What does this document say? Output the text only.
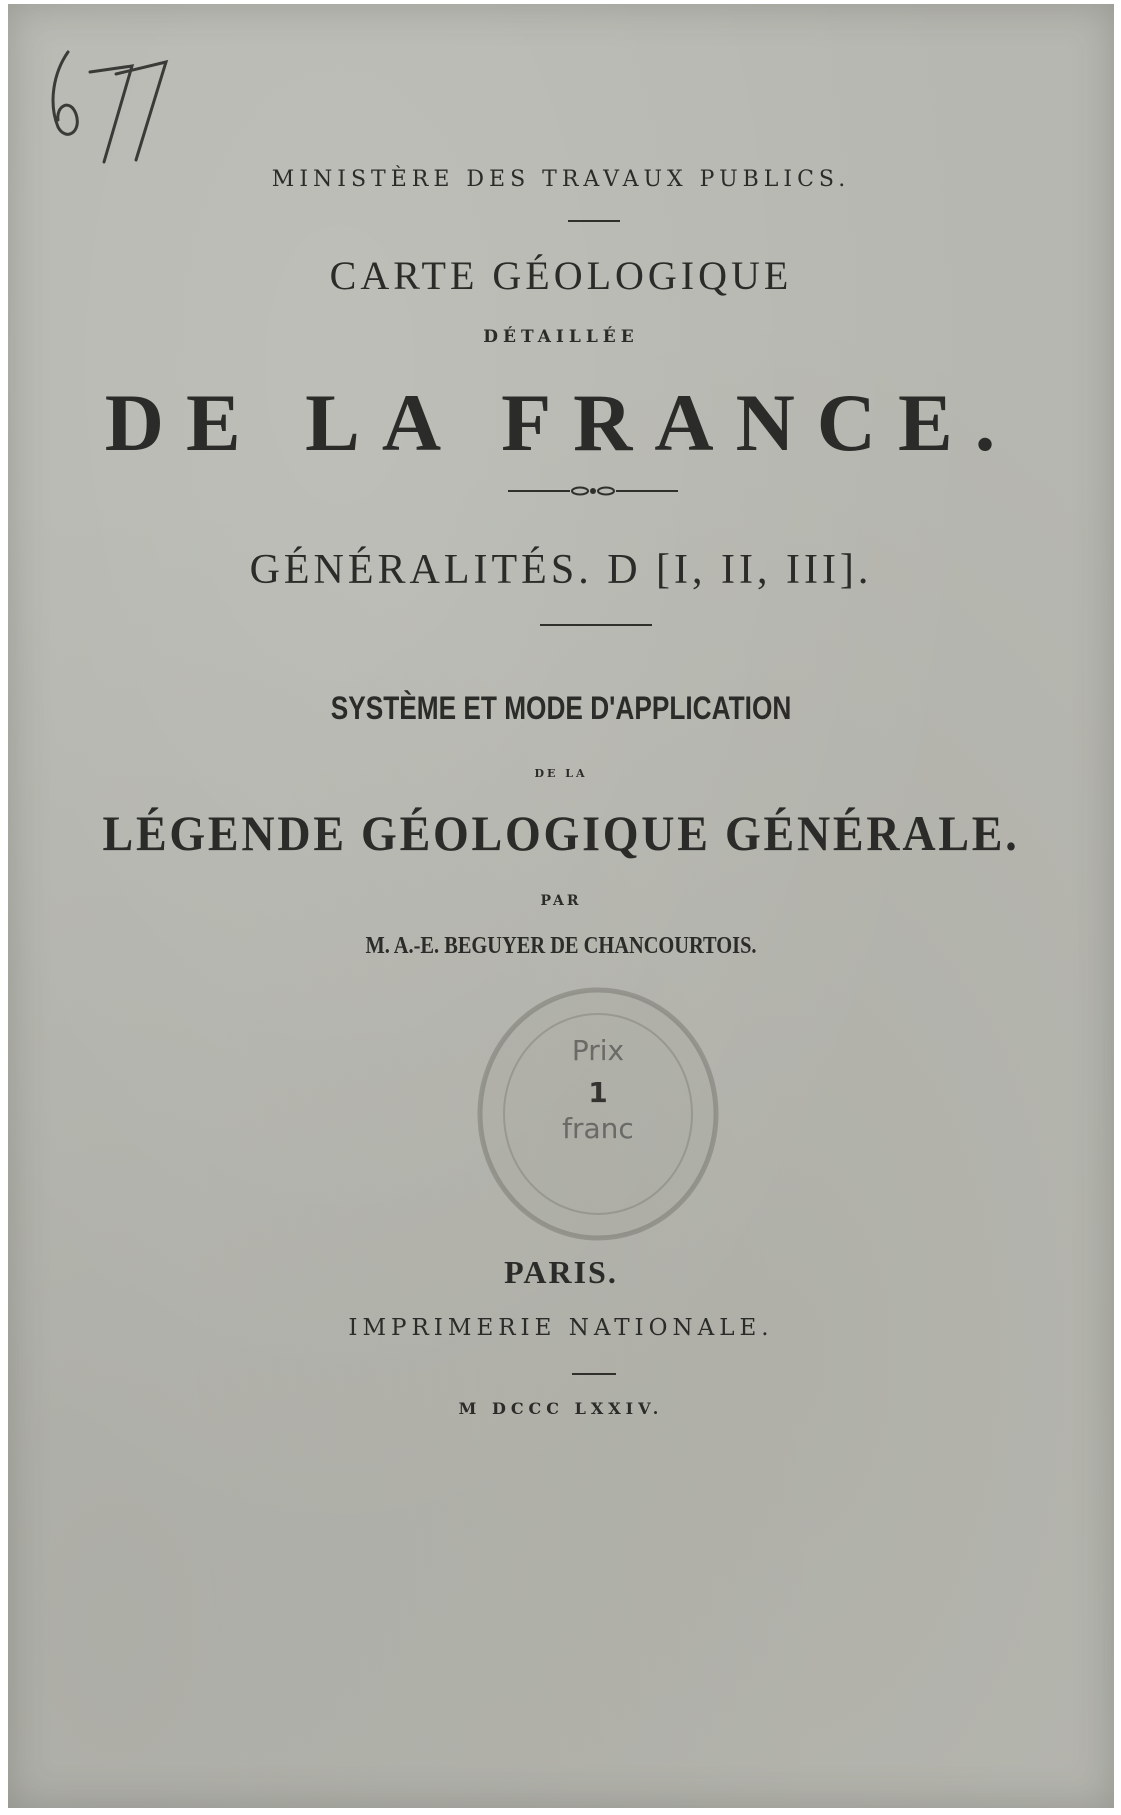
MINISTÈRE DES TRAVAUX PUBLICS.
CARTE GÉOLOGIQUE
DÉTAILLÉE
DE LA FRANCE.
GÉNÉRALITÉS. D [I, II, III].
SYSTÈME ET MODE D'APPLICATION
DE LA
LÉGENDE GÉOLOGIQUE GÉNÉRALE.
PAR
M. A.-E. BEGUYER DE CHANCOURTOIS.
Prix
1
franc
PARIS.
IMPRIMERIE NATIONALE.
M DCCC LXXIV.
